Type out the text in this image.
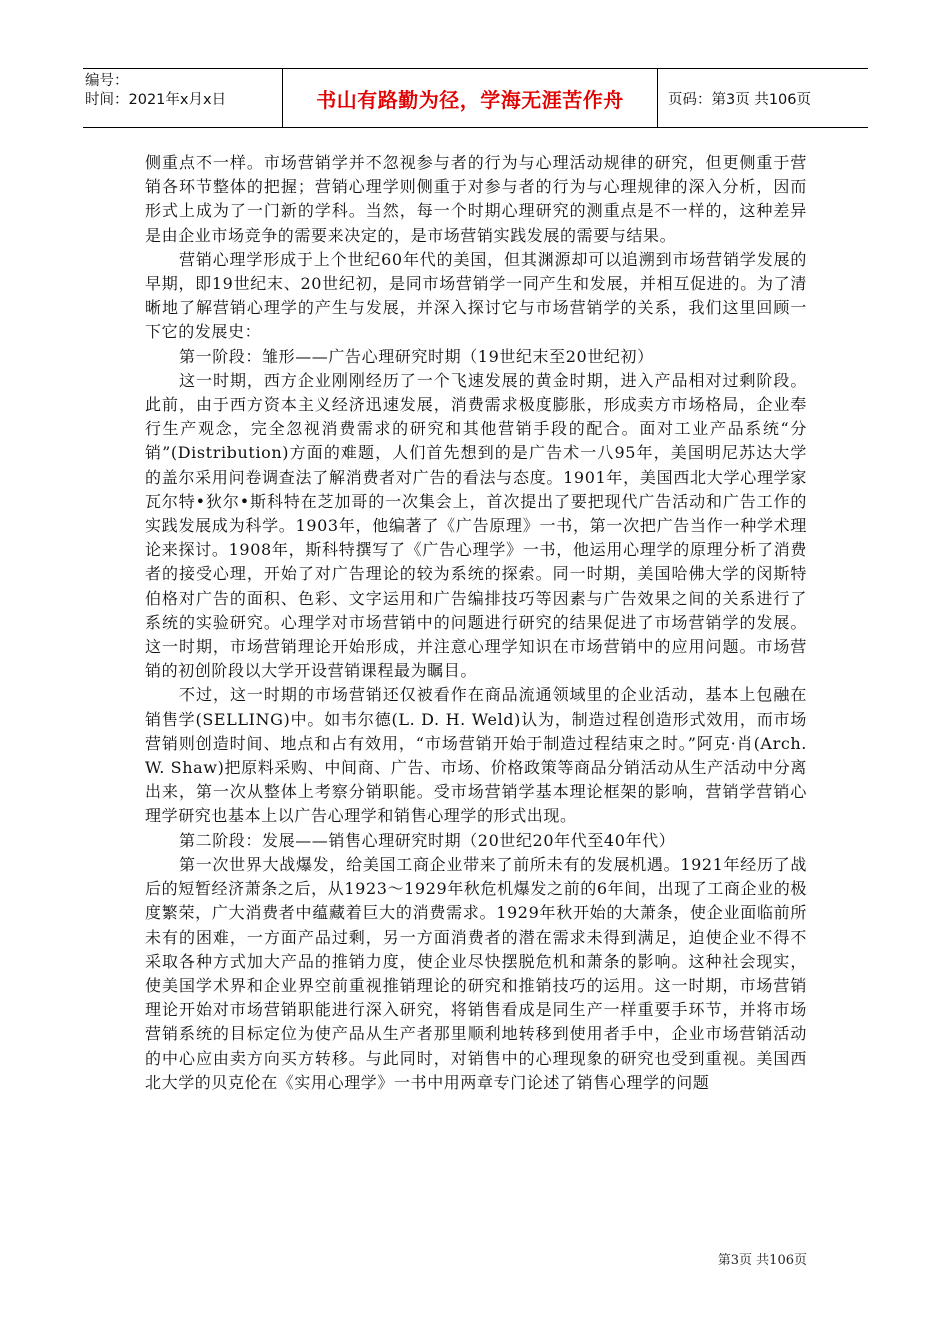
编号：
时间：2021年x月x日	书山有路勤为径，学海无涯苦作舟	页码：第3页 共106页

侧重点不一样。市场营销学并不忽视参与者的行为与心理活动规律的研究，但更侧重于营销各环节整体的把握；营销心理学则侧重于对参与者的行为与心理规律的深入分析，因而形式上成为了一门新的学科。当然，每一个时期心理研究的测重点是不一样的，这种差异是由企业市场竞争的需要来决定的，是市场营销实践发展的需要与结果。

营销心理学形成于上个世纪60年代的美国，但其渊源却可以追溯到市场营销学发展的早期，即19世纪末、20世纪初，是同市场营销学一同产生和发展，并相互促进的。为了清晰地了解营销心理学的产生与发展，并深入探讨它与市场营销学的关系，我们这里回顾一下它的发展史：

第一阶段：雏形——广告心理研究时期（19世纪末至20世纪初）

这一时期，西方企业刚刚经历了一个飞速发展的黄金时期，进入产品相对过剩阶段。此前，由于西方资本主义经济迅速发展，消费需求极度膨胀，形成卖方市场格局，企业奉行生产观念，完全忽视消费需求的研究和其他营销手段的配合。面对工业产品系统“分销”(Distribution)方面的难题，人们首先想到的是广告术一八95年，美国明尼苏达大学的盖尔采用问卷调查法了解消费者对广告的看法与态度。1901年，美国西北大学心理学家瓦尔特•狄尔•斯科特在芝加哥的一次集会上，首次提出了要把现代广告活动和广告工作的实践发展成为科学。1903年，他编著了《广告原理》一书，第一次把广告当作一种学术理论来探讨。1908年，斯科特撰写了《广告心理学》一书，他运用心理学的原理分析了消费者的接受心理，开始了对广告理论的较为系统的探索。同一时期，美国哈佛大学的闵斯特伯格对广告的面积、色彩、文字运用和广告编排技巧等因素与广告效果之间的关系进行了系统的实验研究。心理学对市场营销中的问题进行研究的结果促进了市场营销学的发展。这一时期，市场营销理论开始形成，并注意心理学知识在市场营销中的应用问题。市场营销的初创阶段以大学开设营销课程最为瞩目。

不过，这一时期的市场营销还仅被看作在商品流通领域里的企业活动，基本上包融在销售学(SELLING)中。如韦尔德(L. D. H. Weld)认为，制造过程创造形式效用，而市场营销则创造时间、地点和占有效用，“市场营销开始于制造过程结束之时。”阿克·肖(Arch. W. Shaw)把原料采购、中间商、广告、市场、价格政策等商品分销活动从生产活动中分离出来，第一次从整体上考察分销职能。受市场营销学基本理论框架的影响，营销学营销心理学研究也基本上以广告心理学和销售心理学的形式出现。

第二阶段：发展——销售心理研究时期（20世纪20年代至40年代）

第一次世界大战爆发，给美国工商企业带来了前所未有的发展机遇。1921年经历了战后的短暂经济萧条之后，从1923～1929年秋危机爆发之前的6年间，出现了工商企业的极度繁荣，广大消费者中蕴藏着巨大的消费需求。1929年秋开始的大萧条，使企业面临前所未有的困难，一方面产品过剩，另一方面消费者的潜在需求未得到满足，迫使企业不得不采取各种方式加大产品的推销力度，使企业尽快摆脱危机和萧条的影响。这种社会现实，使美国学术界和企业界空前重视推销理论的研究和推销技巧的运用。这一时期，市场营销理论开始对市场营销职能进行深入研究，将销售看成是同生产一样重要手环节，并将市场营销系统的目标定位为使产品从生产者那里顺利地转移到使用者手中，企业市场营销活动的中心应由卖方向买方转移。与此同时，对销售中的心理现象的研究也受到重视。美国西北大学的贝克伦在《实用心理学》一书中用两章专门论述了销售心理学的问题

第3页 共106页
